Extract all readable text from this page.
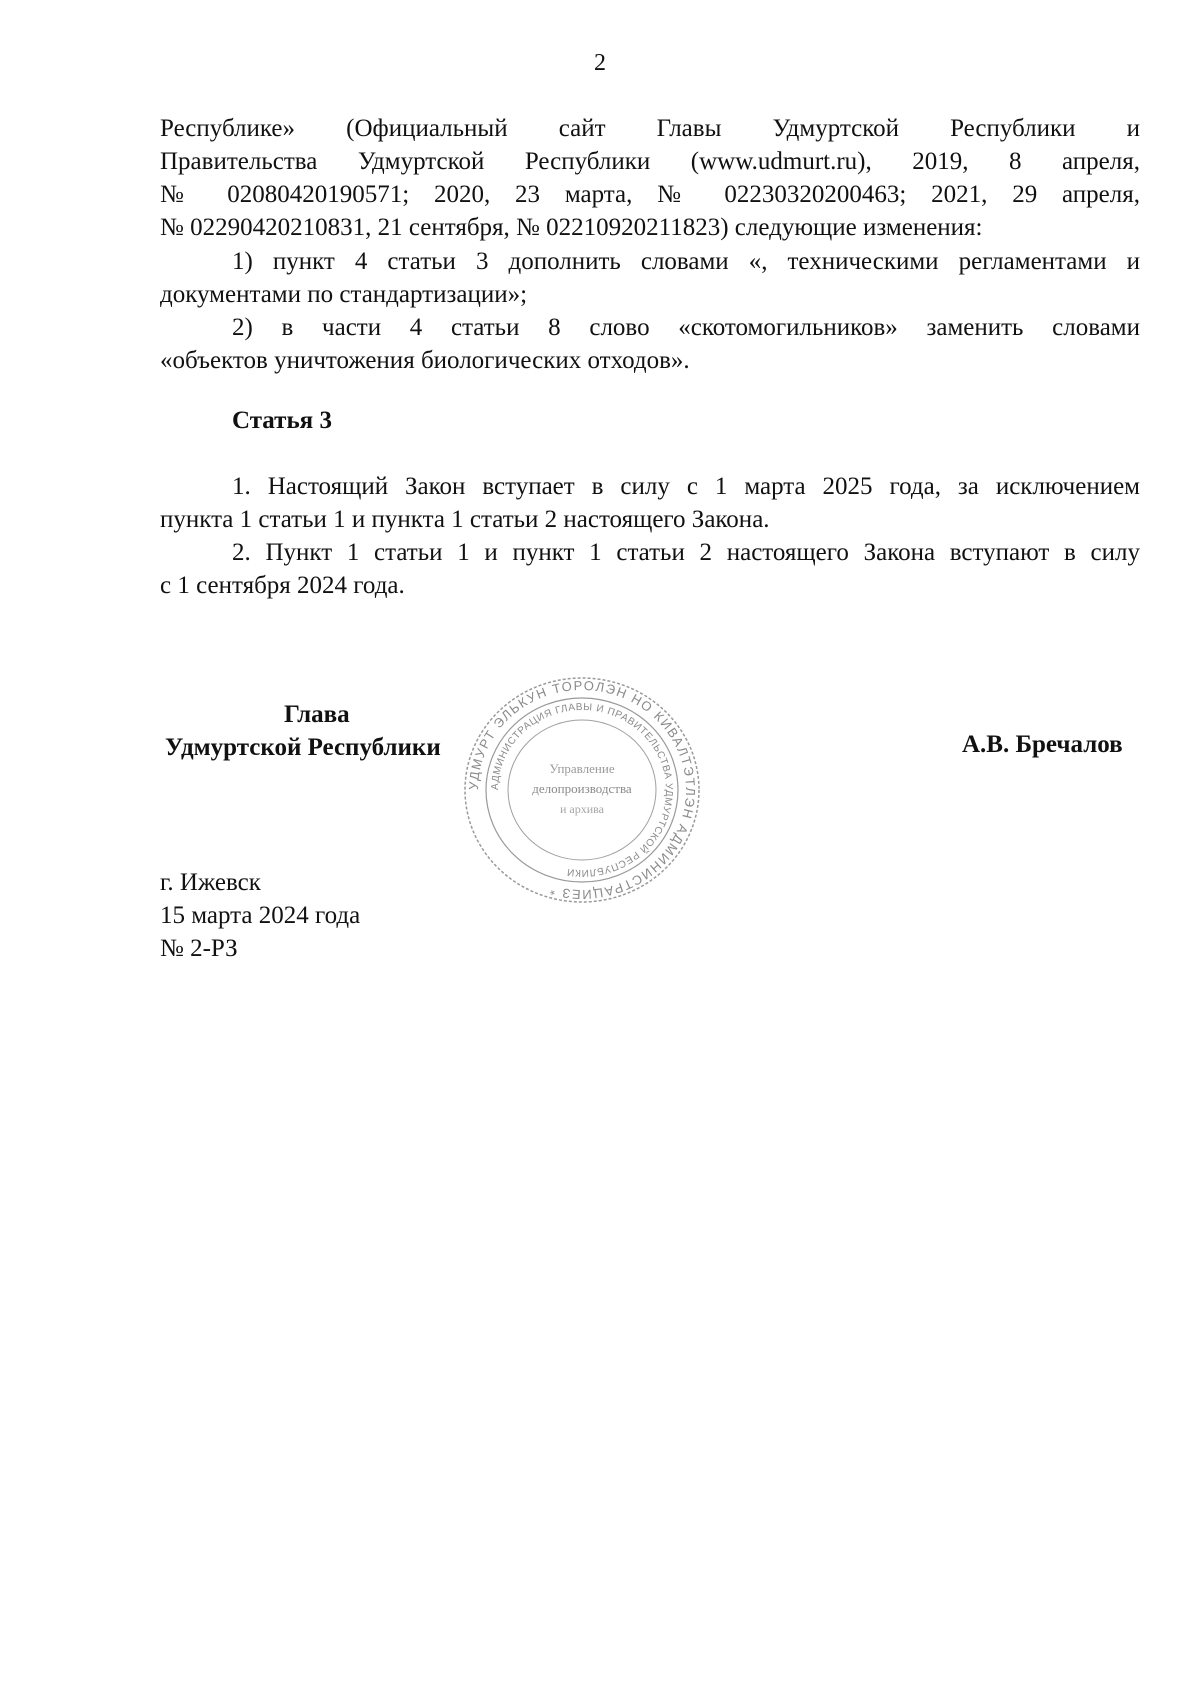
2
Республике» (Официальный сайт Главы Удмуртской Республики и
Правительства Удмуртской Республики (www.udmurt.ru), 2019, 8 апреля,
№ 02080420190571; 2020, 23 марта, № 02230320200463; 2021, 29 апреля,
№ 02290420210831, 21 сентября, № 02210920211823) следующие изменения:
1) пункт 4 статьи 3 дополнить словами «, техническими регламентами и
документами по стандартизации»;
2) в части 4 статьи 8 слово «скотомогильников» заменить словами
«объектов уничтожения биологических отходов».
Статья 3
1. Настоящий Закон вступает в силу с 1 марта 2025 года, за исключением
пункта 1 статьи 1 и пункта 1 статьи 2 настоящего Закона.
2. Пункт 1 статьи 1 и пункт 1 статьи 2 настоящего Закона вступают в силу
с 1 сентября 2024 года.
Глава
Удмуртской Республики	А.В. Бречалов
УДМУРТ ЭЛЬКУН ТОРОЛЭН НО КИВАЛТЭТЛЭН АДМИНИСТРАЦИЕЗ *
АДМИНИСТРАЦИЯ ГЛАВЫ И ПРАВИТЕЛЬСТВА УДМУРТСКОЙ РЕСПУБЛИКИ
Управление
делопроизводства
и архива
г. Ижевск
15 марта 2024 года
№ 2-РЗ
